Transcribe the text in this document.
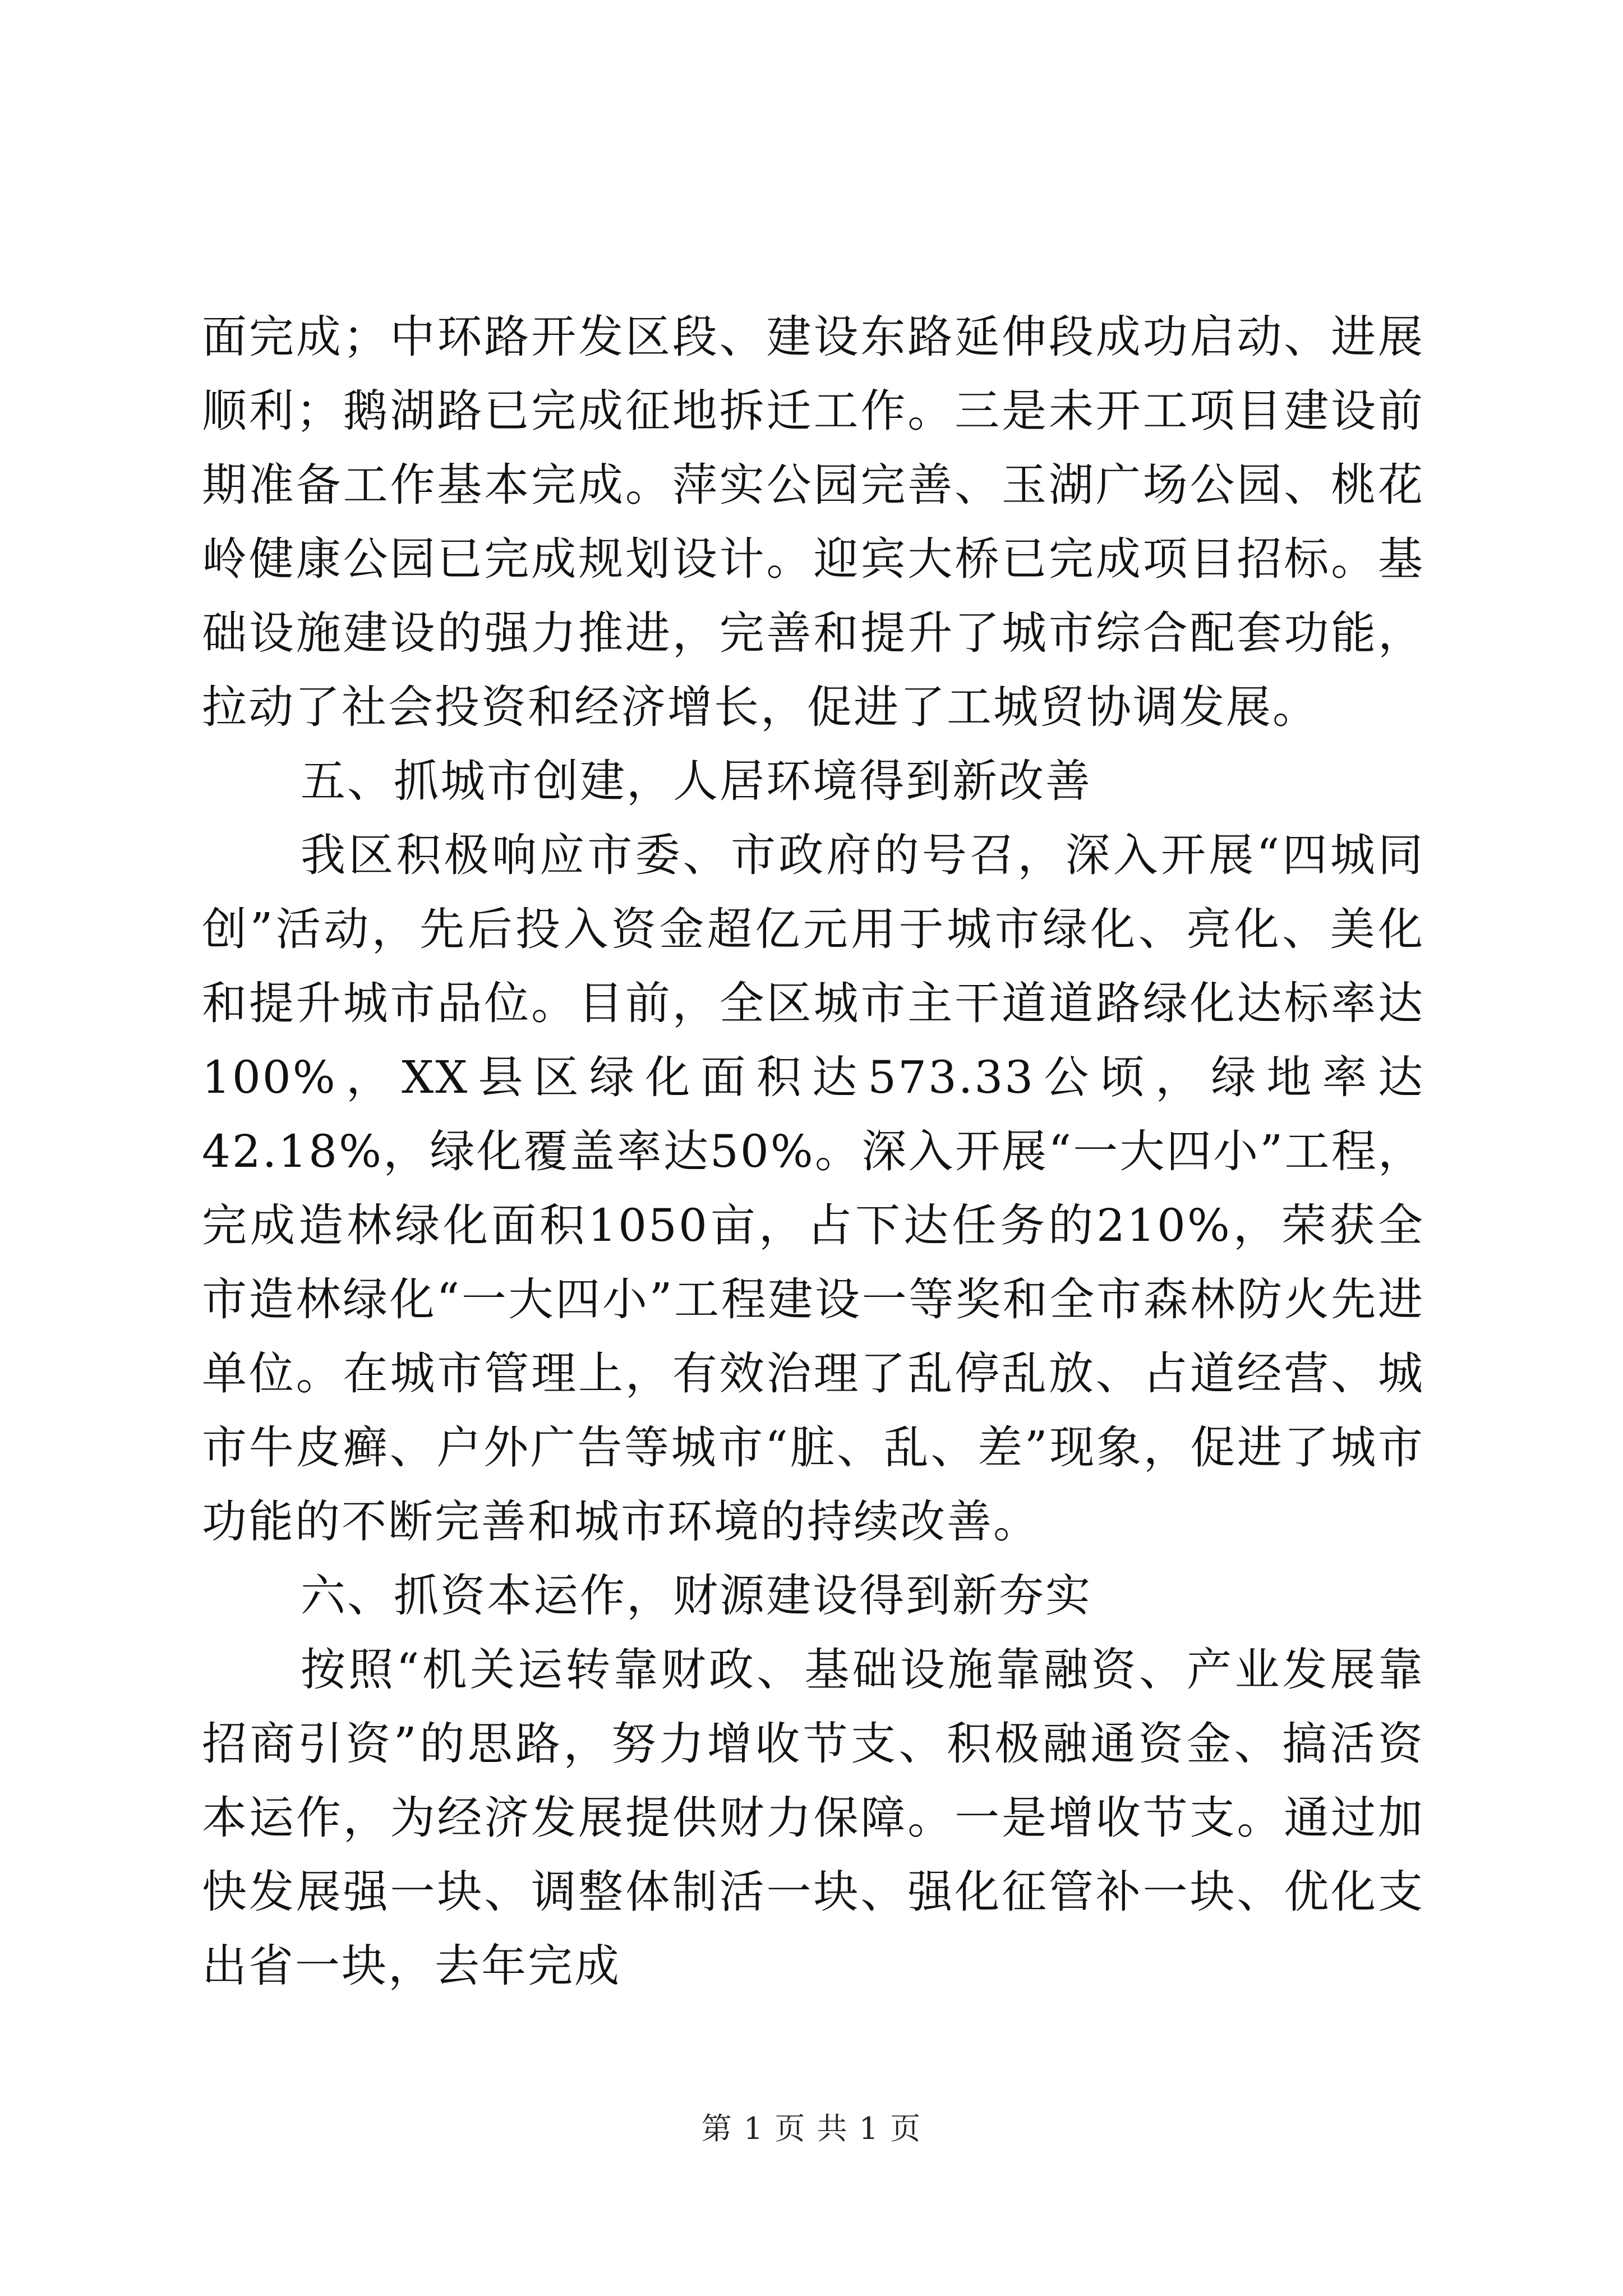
面完成；中环路开发区段、建设东路延伸段成功启动、进展顺利；鹅湖路已完成征地拆迁工作。三是未开工项目建设前期准备工作基本完成。萍实公园完善、玉湖广场公园、桃花岭健康公园已完成规划设计。迎宾大桥已完成项目招标。基础设施建设的强力推进，完善和提升了城市综合配套功能，拉动了社会投资和经济增长，促进了工城贸协调发展。

五、抓城市创建，人居环境得到新改善

我区积极响应市委、市政府的号召，深入开展“四城同创”活动，先后投入资金超亿元用于城市绿化、亮化、美化和提升城市品位。目前，全区城市主干道道路绿化达标率达100%，XX县区绿化面积达573.33公顷，绿地率达42.18%，绿化覆盖率达50%。深入开展“一大四小”工程，完成造林绿化面积1050亩，占下达任务的210%，荣获全市造林绿化“一大四小”工程建设一等奖和全市森林防火先进单位。在城市管理上，有效治理了乱停乱放、占道经营、城市牛皮癣、户外广告等城市“脏、乱、差”现象，促进了城市功能的不断完善和城市环境的持续改善。

六、抓资本运作，财源建设得到新夯实

按照“机关运转靠财政、基础设施靠融资、产业发展靠招商引资”的思路，努力增收节支、积极融通资金、搞活资本运作，为经济发展提供财力保障。一是增收节支。通过加快发展强一块、调整体制活一块、强化征管补一块、优化支出省一块，去年完成

第 1 页 共 1 页
